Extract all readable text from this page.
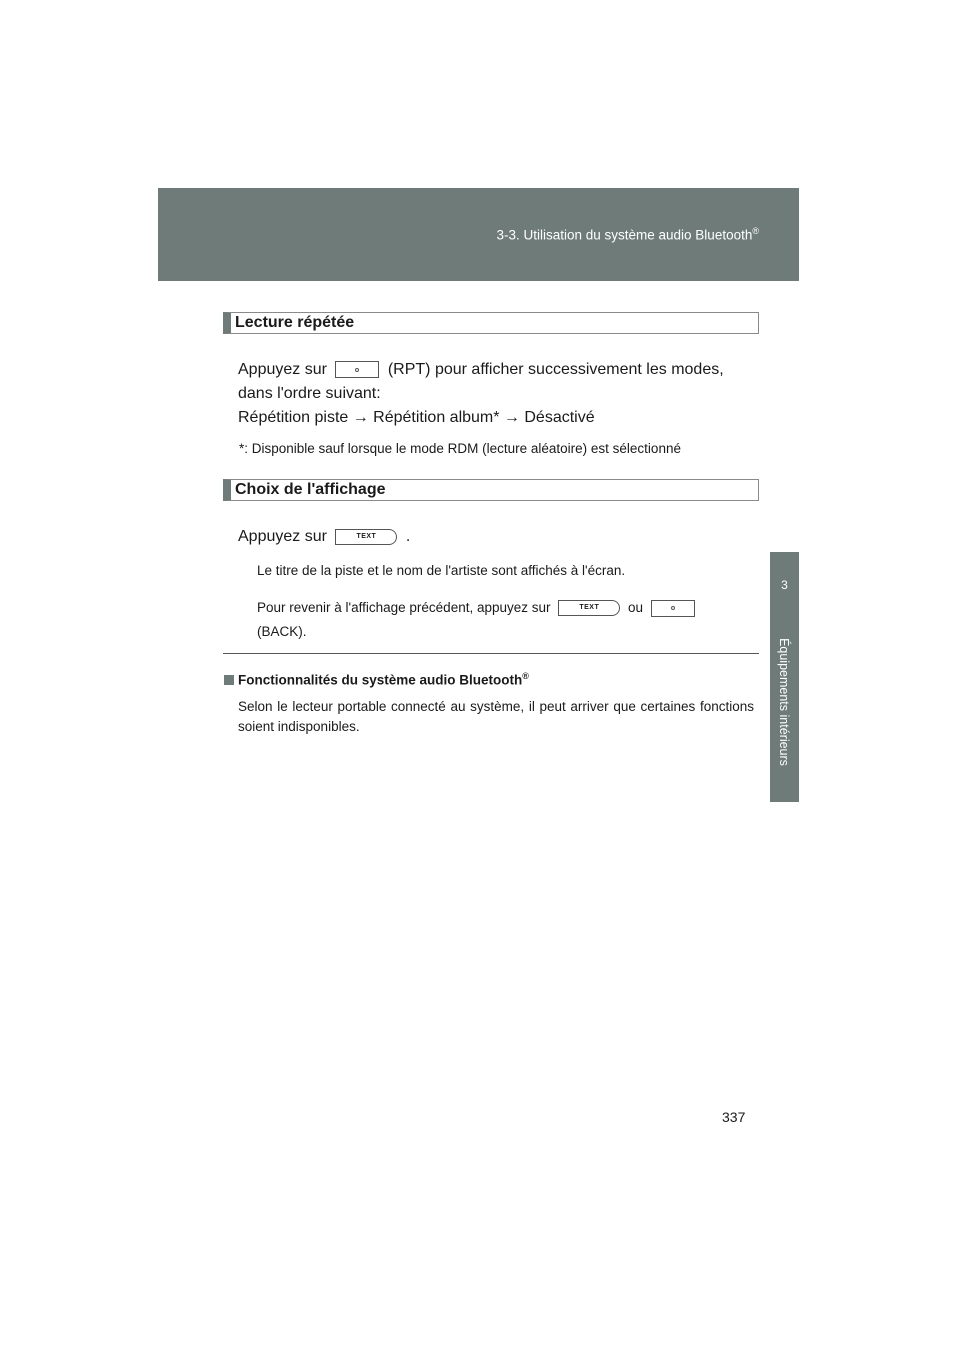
3-3. Utilisation du système audio Bluetooth®
3
Équipements intérieurs
Lecture répétée
Appuyez sur	(RPT) pour afficher successivement les modes,
dans l'ordre suivant:
Répétition piste → Répétition album* → Désactivé
*: Disponible sauf lorsque le mode RDM (lecture aléatoire) est sélectionné
Choix de l'affichage
Appuyez sur	TEXT .
Le titre de la piste et le nom de l'artiste sont affichés à l'écran.
Pour revenir à l'affichage précédent, appuyez sur	TEXT ou
(BACK).
Fonctionnalités du système audio Bluetooth®
Selon le lecteur portable connecté au système, il peut arriver que certaines fonctions soient indisponibles.
337
